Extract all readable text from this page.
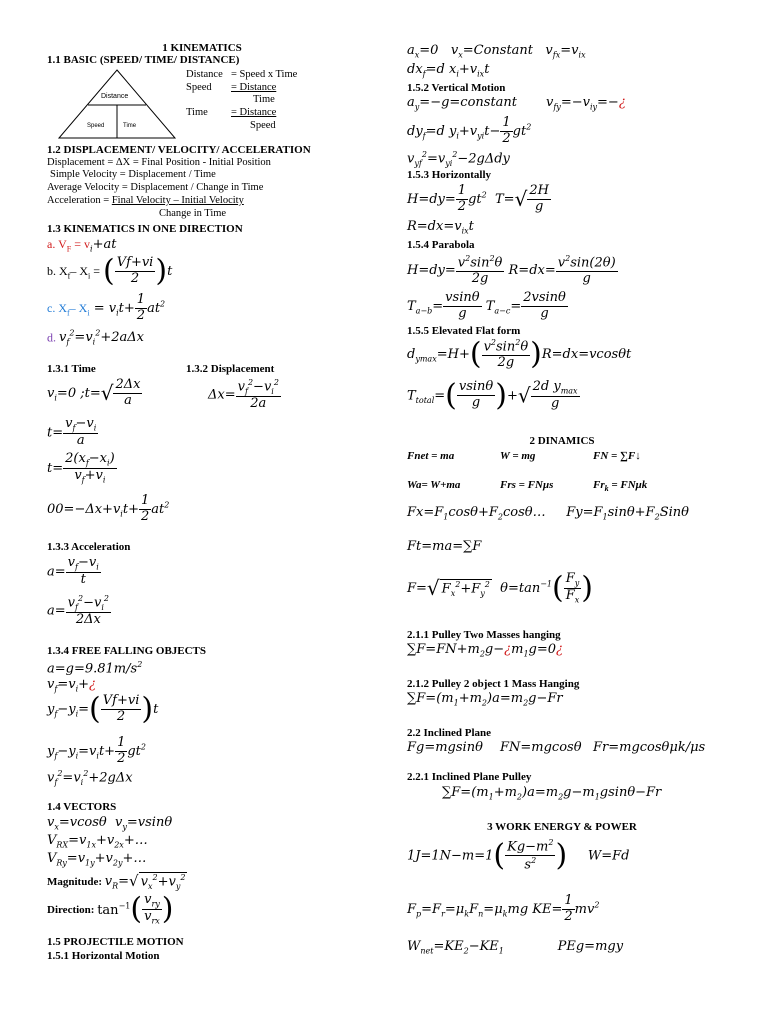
1 KINEMATICS
1.1 BASIC (SPEED/ TIME/ DISTANCE)
Distance
Speed	Time
Distance = Speed x Time
Speed = Distance
Time
Time = Distance
Speed
1.2 DISPLACEMENT/ VELOCITY/ ACCELERATION
Displacement = ΔX = Final Position - Initial Position
Simple Velocity = Displacement / Time
Average Velocity = Displacement / Change in Time
Acceleration = Final Velocity – Initial Velocity
Change in Time
1.3 KINEMATICS IN ONE DIRECTION
a. $V_F = v_i+at$
b. $X_f-$ $X_i$ = ( $\frac{Vf+vi}{2} )t$
c. $X_f-$ $X_i = v_it+ \frac{1}{2} at^2$
d. $v_f^2=v_i^2+2a\Delta x$
1.3.1 Time	1.3.2 Displacement
$v_i=0$ ;t=√ $\frac{2\Delta x}{a}$	$\Delta x= \frac{v_f^2-v_i^2}{2a}$
$t= \frac{v_f-v_i}{a}$
$t= \frac{2(x_f-x_i)}{v_f+v_i}$
$00=-\Delta x+v_it+ \frac{1}{2} at^2$
1.3.3 Acceleration
$a= \frac{v_f-v_i}{t}$
$a= \frac{v_f^2-v_i^2}{2\Delta x}$
1.3.4 FREE FALLING OBJECTS
$a=g=9.81m/s^2$
$v_f=v_i+¿$
$y_f-y_i=( \frac{Vf+vi}{2} )t$
$y_f-y_i=v_it+ \frac{1}{2} gt^2$
$v_f^2=v_i^2+2g\Delta x$
1.4 VECTORS
$v_x=vcos\theta$ $v_y=vsin\theta$
$V_{RX}=v_{1x}+v_{2x}+\dots$
$V_{Ry}=v_{1y}+v_{2y}+\dots$
Magnitude: $v_R=√$ $v_x^2+v_y^2$
Direction: $\tan^{-1}$( $v_{ry}$
$v_{rx}$ )
1.5 PROJECTILE MOTION
1.5.1 Horizontal Motion
$a_x=0$ $v_x=Constant$ $v_{fx}=v_{ix}$
$dx_f=d$ $x_i+v_{ix}t$
1.5.2 Vertical Motion
$a_y=-g=constant$ $v_{fy}=-v_{iy}=-¿$
$dy_f=d$ $y_i+v_{yi}t- \frac{1}{2} gt^2$
$v_{yf}^2=v_{yi}^2-2g\Delta dy$
1.5.3 Horizontally
$H=dy= \frac{1}{2} gt^2$ $T=√ \frac{2H}{g}$
$R=dx=v_{ix}t$
1.5.4 Parabola
$H=dy= \frac{v^2\sin^2\theta}{2g} R=dx= \frac{v^2\sin(2\theta)}{g}$
$T_{a-b}= \frac{vsin\theta}{g} T_{a-c}= \frac{2vsin\theta}{g}$
1.5.5 Elevated Flat form
$d_{ymax}=H+( \frac{v^2\sin^2\theta}{2g} )R=dx=vcos\theta t$
$T_{total}=( \frac{vsin\theta}{g}$ )+√ 2d $y_{max}$
g
2 DINAMICS
Fnet = ma	W = mg	FN = ∑F↓
Wa= W+ma	Frs = FNμs	$Fr_k = FN\mu k$
$Fx=F_1\cos\theta+F_2\cos\theta\dots$ $Fy=F_1\sin\theta+F_2Sin\theta$
Ft=ma=∑F
F=√ $F_x^2+F_y^2$ $\theta=\tan^{-1}( \frac{F_y}{F_x}$ )
2.1.1 Pulley Two Masses hanging
$\sum F=FN+m_2g-¿m_1g=0¿$
2.1.2 Pulley 2 object 1 Mass Hanging
$\sum F=(m_1+m_2)a=m_2g-Fr$
2.2 Inclined Plane
Fg=mgsinθ FN=mgcosθ Fr=mgcosθμk/μs
2.2.1 Inclined Plane Pulley
$\sum F=(m_1+m_2)a=m_2g-m_1gsin\theta-Fr$
3 WORK ENERGY & POWER
$1J=1N-m=1( \frac{Kg-m^2}{s^2}$ ) W=Fd
$F_p=F_r=\mu_kF_n=\mu_kmg$ $KE= \frac{1}{2} mv^2$
$W_{net}=KE_2-KE_1$	PEg=mgy
